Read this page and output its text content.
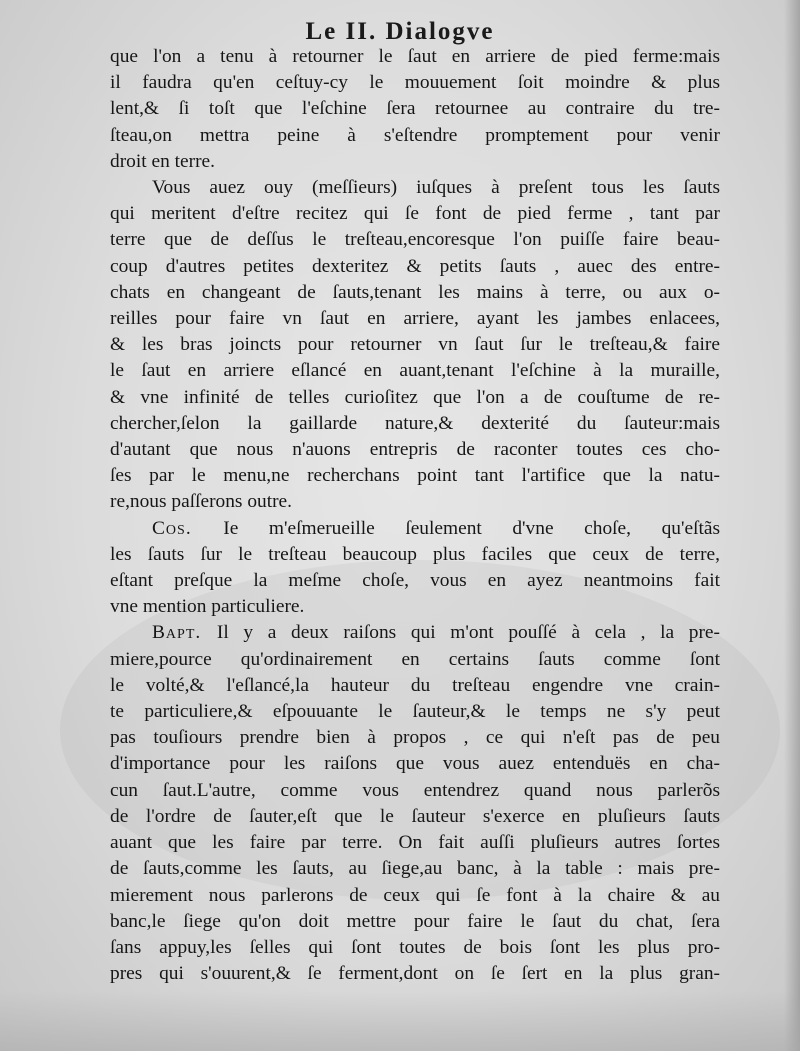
Le II. Dialogve
que l'on a tenu à retourner le ſaut en arriere de pied ferme:mais
il faudra qu'en ceſtuy-cy le mouuement ſoit moindre & plus
lent,& ſi toſt que l'eſchine ſera retournee au contraire du tre-
ſteau,on mettra peine à s'eſtendre promptement pour venir
droit en terre.
Vous auez ouy (meſſieurs) iuſques à preſent tous les ſauts
qui meritent d'eſtre recitez qui ſe font de pied ferme , tant par
terre que de deſſus le treſteau,encoresque l'on puiſſe faire beau-
coup d'autres petites dexteritez & petits ſauts , auec des entre-
chats en changeant de ſauts,tenant les mains à terre, ou aux o-
reilles pour faire vn ſaut en arriere, ayant les jambes enlacees,
& les bras joincts pour retourner vn ſaut ſur le treſteau,& faire
le ſaut en arriere eſlancé en auant,tenant l'eſchine à la muraille,
& vne infinité de telles curioſitez que l'on a de couſtume de re-
chercher,ſelon la gaillarde nature,& dexterité du ſauteur:mais
d'autant que nous n'auons entrepris de raconter toutes ces cho-
ſes par le menu,ne recherchans point tant l'artifice que la natu-
re,nous paſſerons outre.
Cos. Ie m'eſmerueille ſeulement d'vne choſe, qu'eſtãs
les ſauts ſur le treſteau beaucoup plus faciles que ceux de terre,
eſtant preſque la meſme choſe, vous en ayez neantmoins fait
vne mention particuliere.
Bapt. Il y a deux raiſons qui m'ont pouſſé à cela , la pre-
miere,pource qu'ordinairement en certains ſauts comme ſont
le volté,& l'eſlancé,la hauteur du treſteau engendre vne crain-
te particuliere,& eſpouuante le ſauteur,& le temps ne s'y peut
pas touſiours prendre bien à propos , ce qui n'eſt pas de peu
d'importance pour les raiſons que vous auez entenduës en cha-
cun ſaut.L'autre, comme vous entendrez quand nous parlerõs
de l'ordre de ſauter,eſt que le ſauteur s'exerce en pluſieurs ſauts
auant que les faire par terre. On fait auſſi pluſieurs autres ſortes
de ſauts,comme les ſauts, au ſiege,au banc, à la table : mais pre-
mierement nous parlerons de ceux qui ſe font à la chaire & au
banc,le ſiege qu'on doit mettre pour faire le ſaut du chat, ſera
ſans appuy,les ſelles qui ſont toutes de bois ſont les plus pro-
pres qui s'ouurent,& ſe ferment,dont on ſe ſert en la plus gran-
